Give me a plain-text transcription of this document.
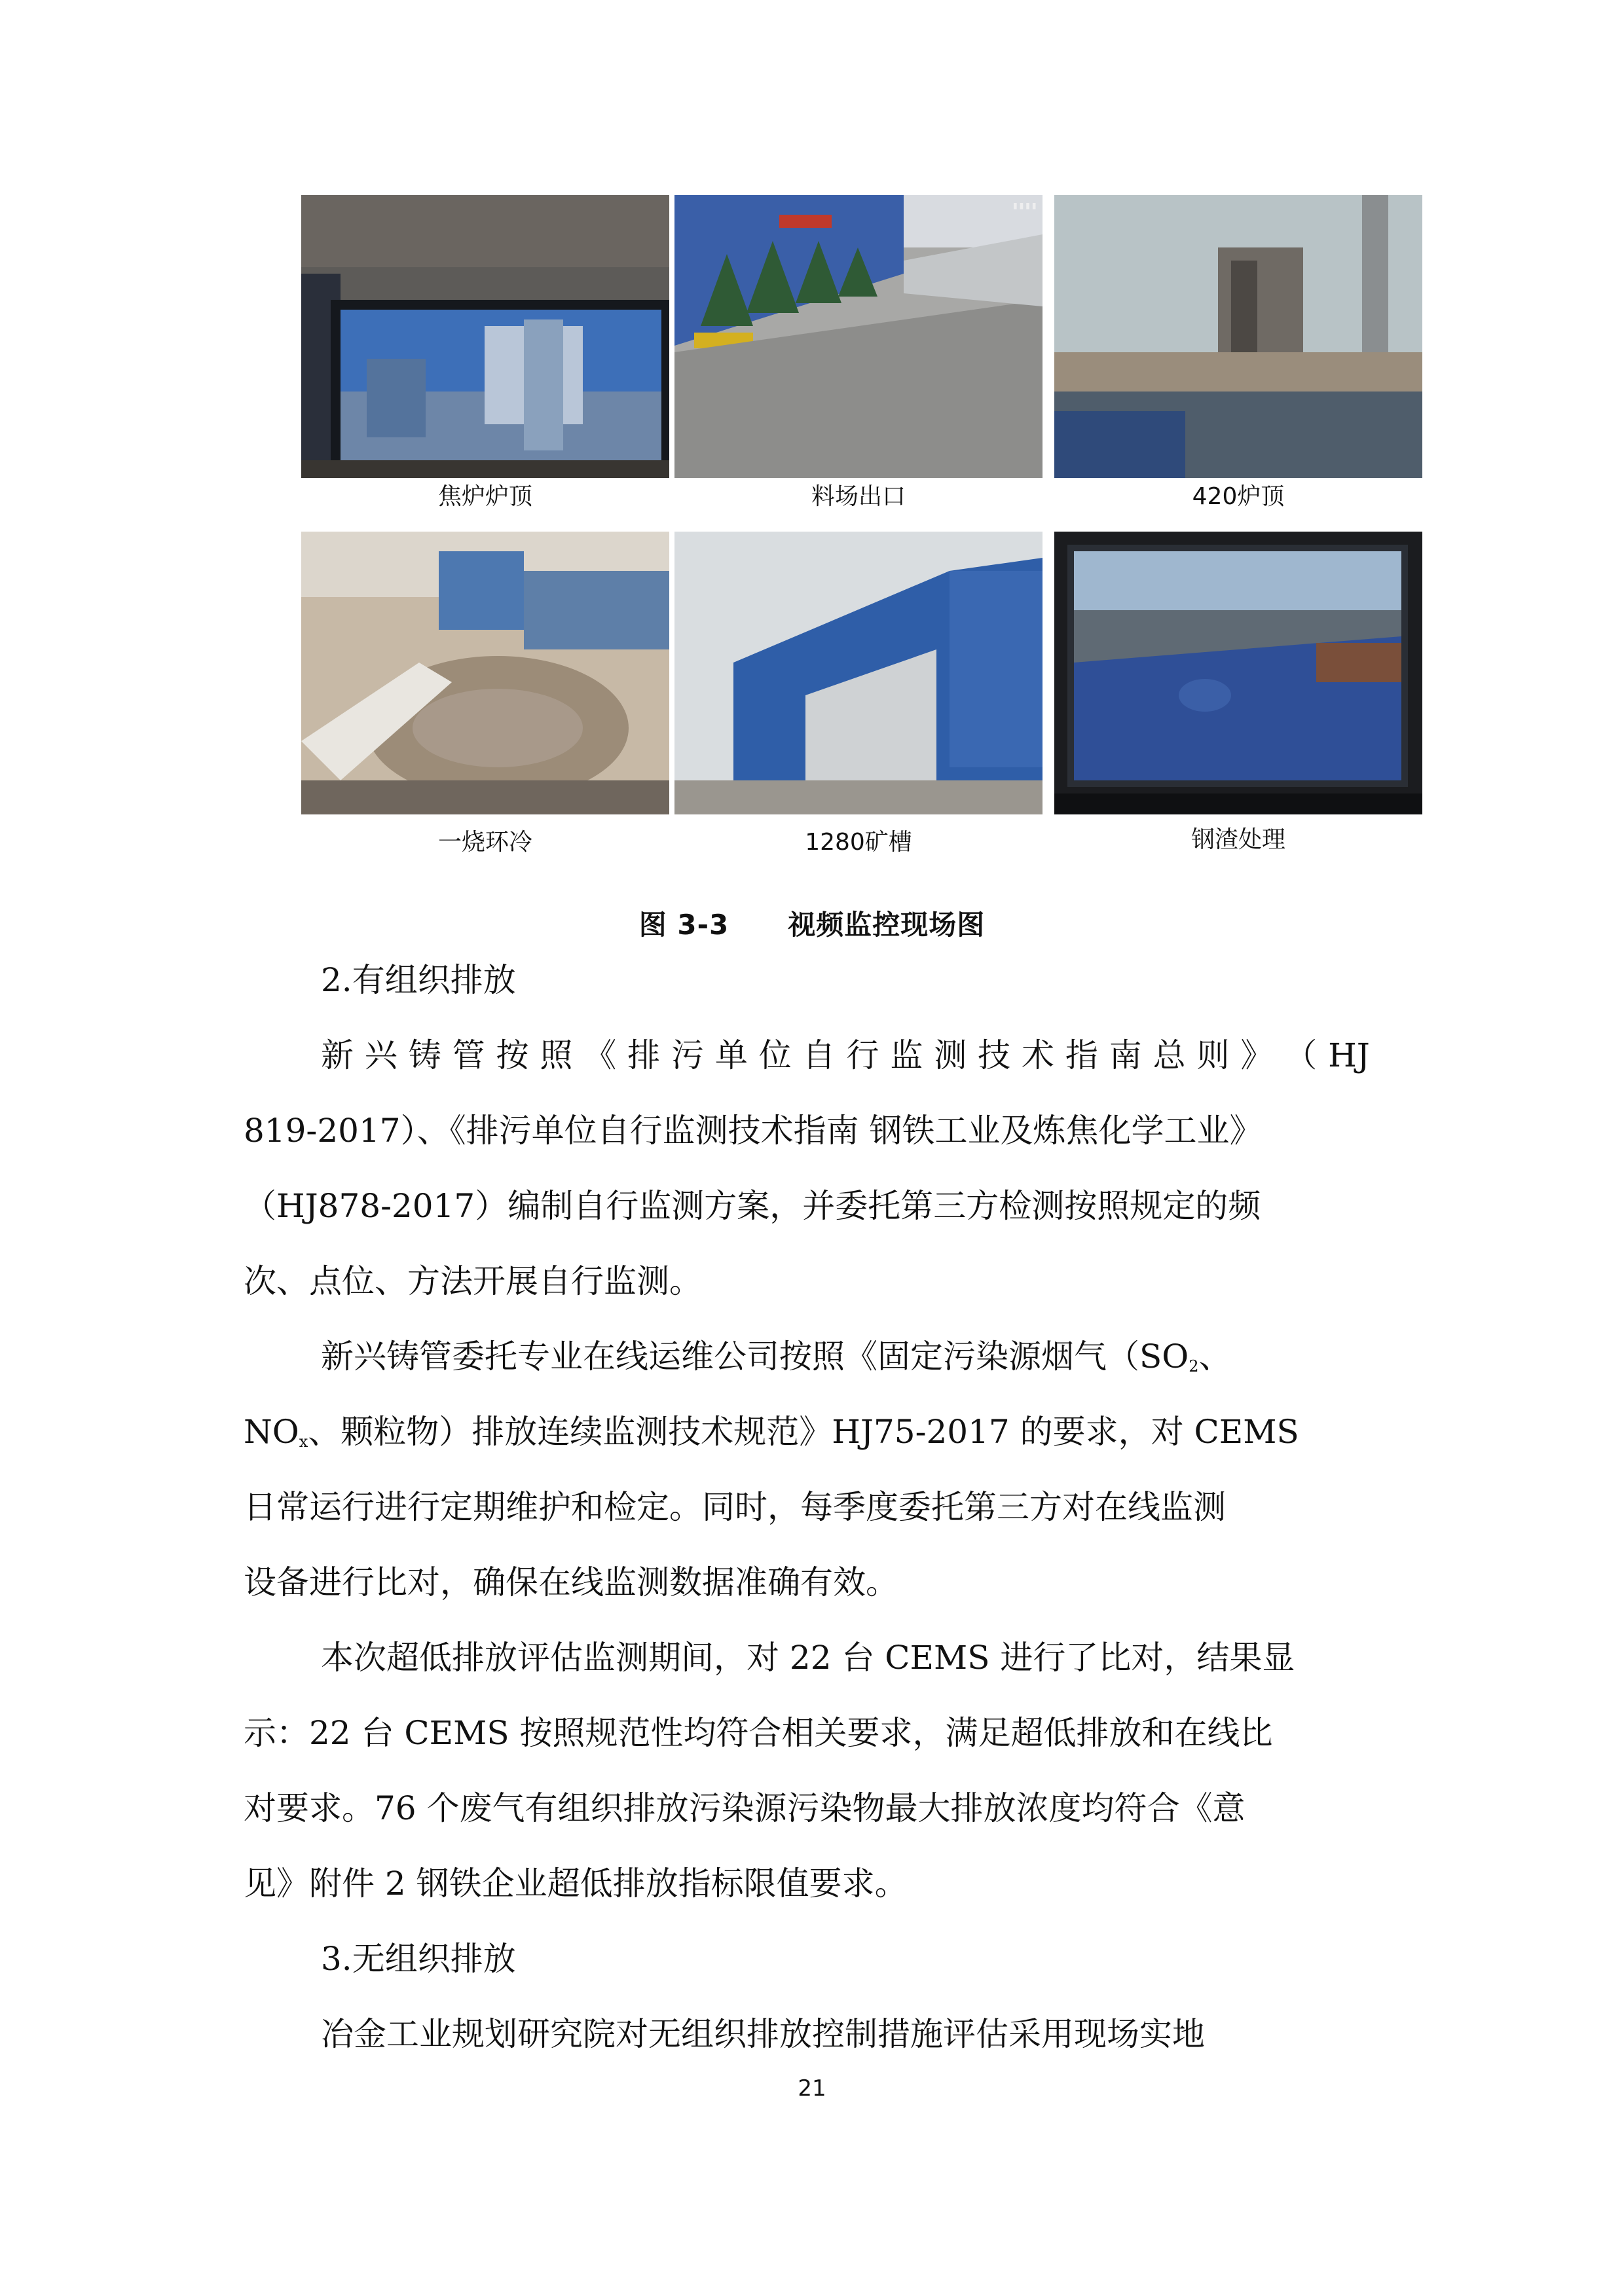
▮▮▮▮
焦炉炉顶	料场出口	420炉顶
一烧环冷	1280矿槽	钢渣处理
图 3-3 视频监控现场图
2.有组织排放
新 兴 铸 管 按 照 《 排 污 单 位 自 行 监 测 技 术 指 南 总 则 》 （ HJ
819-2017）、《排污单位自行监测技术指南 钢铁工业及炼焦化学工业》
（HJ878-2017）编制自行监测方案，并委托第三方检测按照规定的频
次、点位、方法开展自行监测。
新兴铸管委托专业在线运维公司按照《固定污染源烟气（$SO_2$、
$NO_x$、颗粒物）排放连续监测技术规范》HJ75-2017 的要求，对 CEMS
日常运行进行定期维护和检定。同时，每季度委托第三方对在线监测
设备进行比对，确保在线监测数据准确有效。
本次超低排放评估监测期间，对 22 台 CEMS 进行了比对，结果显
示：22 台 CEMS 按照规范性均符合相关要求，满足超低排放和在线比
对要求。76 个废气有组织排放污染源污染物最大排放浓度均符合《意
见》附件 2 钢铁企业超低排放指标限值要求。
3.无组织排放
冶金工业规划研究院对无组织排放控制措施评估采用现场实地
21
